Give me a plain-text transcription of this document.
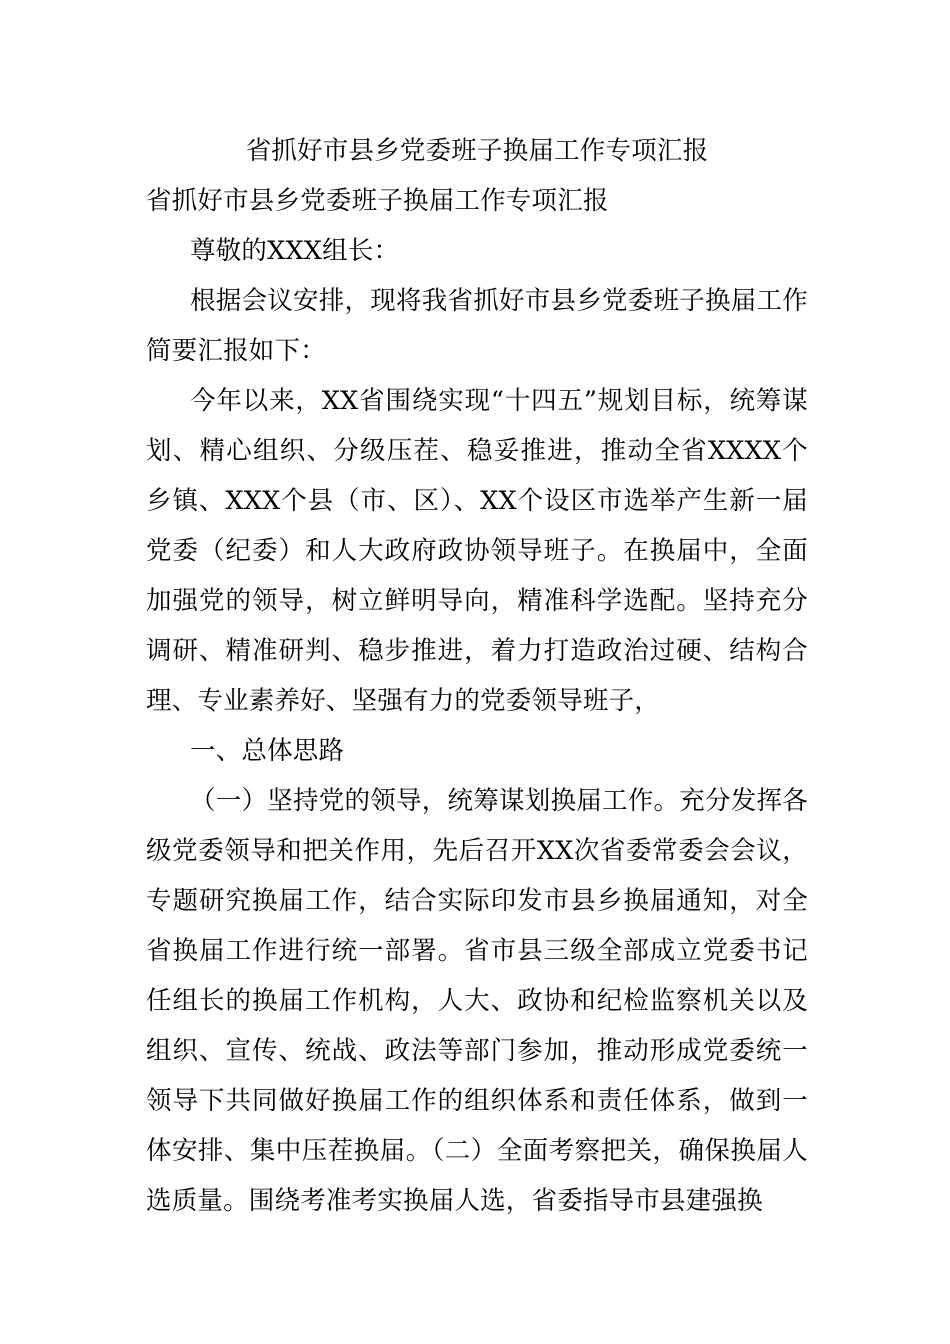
省抓好市县乡党委班子换届工作专项汇报

省抓好市县乡党委班子换届工作专项汇报

尊敬的XXX组长：

根据会议安排，现将我省抓好市县乡党委班子换届工作简要汇报如下：

今年以来，XX省围绕实现“十四五”规划目标，统筹谋划、精心组织、分级压茬、稳妥推进，推动全省XXXX个乡镇、XXX个县（市、区）、XX个设区市选举产生新一届党委（纪委）和人大政府政协领导班子。在换届中，全面加强党的领导，树立鲜明导向，精准科学选配。坚持充分调研、精准研判、稳步推进，着力打造政治过硬、结构合理、专业素养好、坚强有力的党委领导班子，

一、总体思路

（一）坚持党的领导，统筹谋划换届工作。充分发挥各级党委领导和把关作用，先后召开XX次省委常委会会议，专题研究换届工作，结合实际印发市县乡换届通知，对全省换届工作进行统一部署。省市县三级全部成立党委书记任组长的换届工作机构，人大、政协和纪检监察机关以及组织、宣传、统战、政法等部门参加，推动形成党委统一领导下共同做好换届工作的组织体系和责任体系，做到一体安排、集中压茬换届。（二）全面考察把关，确保换届人选质量。围绕考准考实换届人选，省委指导市县建强换
